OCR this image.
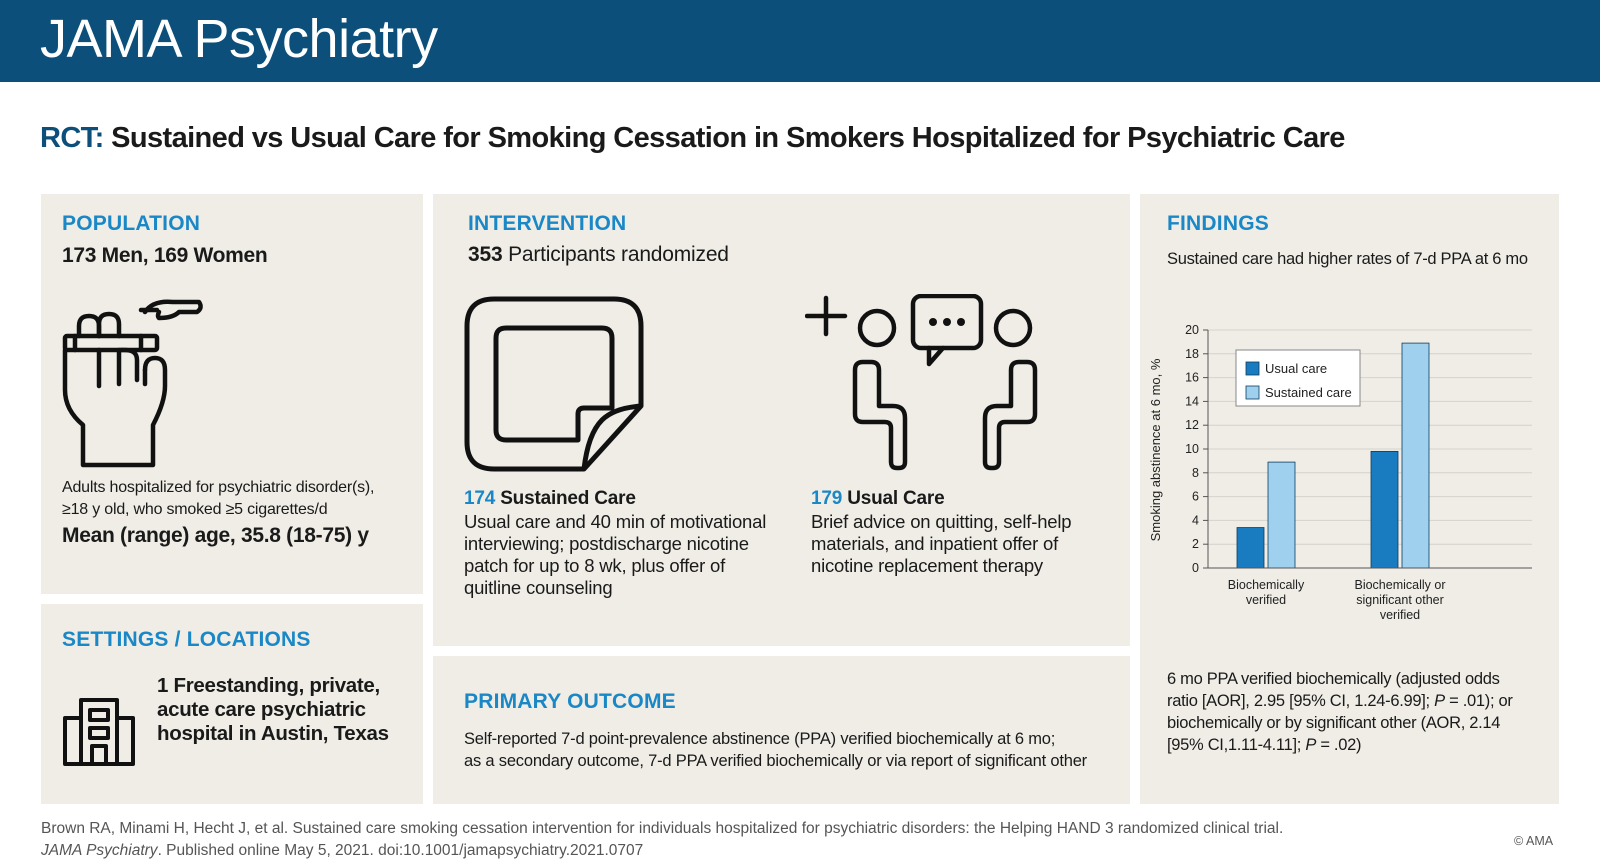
JAMA Psychiatry
RCT: Sustained vs Usual Care for Smoking Cessation in Smokers Hospitalized for Psychiatric Care
POPULATION
173 Men, 169 Women
Adults hospitalized for psychiatric disorder(s),
≥18 y old, who smoked ≥5 cigarettes/d
Mean (range) age, 35.8 (18-75) y
SETTINGS / LOCATIONS
1 Freestanding, private,
acute care psychiatric
hospital in Austin, Texas
INTERVENTION
353 Participants randomized
174 Sustained Care
Usual care and 40 min of motivational
interviewing; postdischarge nicotine
patch for up to 8 wk, plus offer of
quitline counseling
179 Usual Care
Brief advice on quitting, self-help
materials, and inpatient offer of
nicotine replacement therapy
PRIMARY OUTCOME
Self-reported 7-d point-prevalence abstinence (PPA) verified biochemically at 6 mo;
as a secondary outcome, 7-d PPA verified biochemically or via report of significant other
FINDINGS
Sustained care had higher rates of 7-d PPA at 6 mo
0
2
4
6
8
10
12
14
16
18
20
Biochemically
verified
Biochemically or
significant other
verified
Smoking abstinence at 6 mo, %	Usual care
Sustained care
6 mo PPA verified biochemically (adjusted odds
ratio [AOR], 2.95 [95% CI, 1.24-6.99]; P = .01); or
biochemically or by significant other (AOR, 2.14
[95% CI,1.11-4.11]; P = .02)
Brown RA, Minami H, Hecht J, et al. Sustained care smoking cessation intervention for individuals hospitalized for psychiatric disorders: the Helping HAND 3 randomized clinical trial.
JAMA Psychiatry. Published online May 5, 2021. doi:10.1001/jamapsychiatry.2021.0707
© AMA
